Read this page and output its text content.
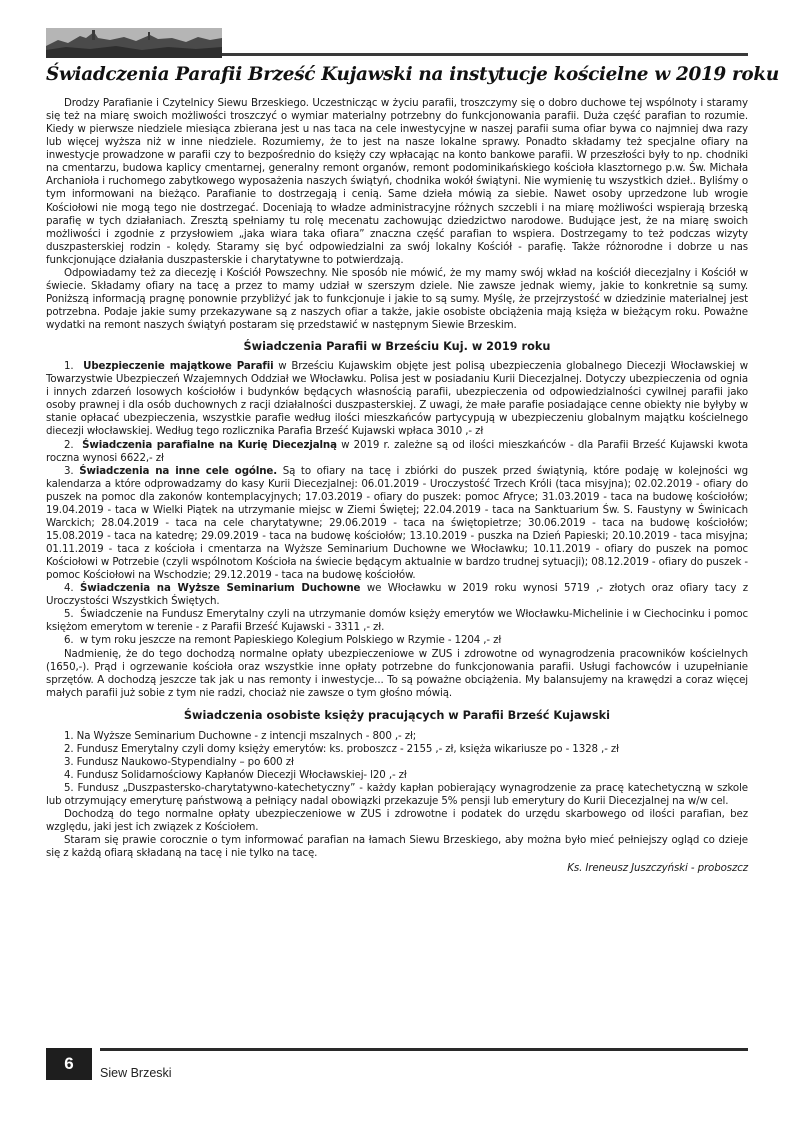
Świadczenia Parafii Brześć Kujawski na instytucje kościelne w 2019 roku

Drodzy Parafianie i Czytelnicy Siewu Brzeskiego. Uczestnicząc w życiu parafii, troszczymy się o dobro duchowe tej wspólnoty i staramy się też na miarę swoich możliwości troszczyć o wymiar materialny potrzebny do funkcjonowania parafii. Duża część parafian to rozumie. Kiedy w pierwsze niedziele miesiąca zbierana jest u nas taca na cele inwestycyjne w naszej parafii suma ofiar bywa co najmniej dwa razy lub więcej wyższa niż w inne niedziele. Rozumiemy, że to jest na nasze lokalne sprawy. Ponadto składamy też specjalne ofiary na inwestycje prowadzone w parafii czy to bezpośrednio do księży czy wpłacając na konto bankowe parafii. W przeszłości były to np. chodniki na cmentarzu, budowa kaplicy cmentarnej, generalny remont organów, remont podominikańskiego kościoła klasztornego p.w. Św. Michała Archanioła i ruchomego zabytkowego wyposażenia naszych świątyń, chodnika wokół świątyni. Nie wymienię tu wszystkich dzieł.. Byliśmy o tym informowani na bieżąco. Parafianie to dostrzegają i cenią. Same dzieła mówią za siebie. Nawet osoby uprzedzone lub wrogie Kościołowi nie mogą tego nie dostrzegać. Doceniają to władze administracyjne różnych szczebli i na miarę możliwości wspierają brzeską parafię w tych działaniach. Zresztą spełniamy tu rolę mecenatu zachowując dziedzictwo narodowe. Budujące jest, że na miarę swoich możliwości i zgodnie z przysłowiem „jaka wiara taka ofiara” znaczna część parafian to wspiera. Dostrzegamy to też podczas wizyty duszpasterskiej rodzin - kolędy. Staramy się być odpowiedzialni za swój lokalny Kościół - parafię. Także różnorodne i dobrze u nas funkcjonujące działania duszpasterskie i charytatywne to potwierdzają.

Odpowiadamy też za diecezję i Kościół Powszechny. Nie sposób nie mówić, że my mamy swój wkład na kościół diecezjalny i Kościół w świecie. Składamy ofiary na tacę a przez to mamy udział w szerszym dziele. Nie zawsze jednak wiemy, jakie to konkretnie są sumy. Poniższą informacją pragnę ponownie przybliżyć jak to funkcjonuje i jakie to są sumy. Myślę, że przejrzystość w dziedzinie materialnej jest potrzebna. Podaje jakie sumy przekazywane są z naszych ofiar a także, jakie osobiste obciążenia mają księża w bieżącym roku. Poważne wydatki na remont naszych świątyń postaram się przedstawić w następnym Siewie Brzeskim.

Świadczenia Parafii w Brześciu Kuj. w 2019 roku

1. Ubezpieczenie majątkowe Parafii w Brześciu Kujawskim objęte jest polisą ubezpieczenia globalnego Diecezji Włocławskiej w Towarzystwie Ubezpieczeń Wzajemnych Oddział we Włocławku. Polisa jest w posiadaniu Kurii Diecezjalnej. Dotyczy ubezpieczenia od ognia i innych zdarzeń losowych kościołów i budynków będących własnością parafii, ubezpieczenia od odpowiedzialności cywilnej parafii jako osoby prawnej i dla osób duchownych z racji działalności duszpasterskiej. Z uwagi, że małe parafie posiadające cenne obiekty nie byłyby w stanie opłacać ubezpieczenia, wszystkie parafie według ilości mieszkańców partycypują w ubezpieczeniu globalnym majątku kościelnego diecezji włocławskiej. Według tego rozlicznika Parafia Brześć Kujawski wpłaca 3010 ,- zł

2. Świadczenia parafialne na Kurię Diecezjalną w 2019 r. zależne są od ilości mieszkańców - dla Parafii Brześć Kujawski kwota roczna wynosi 6622,- zł

3. Świadczenia na inne cele ogólne. Są to ofiary na tacę i zbiórki do puszek przed świątynią, które podaję w kolejności wg kalendarza a które odprowadzamy do kasy Kurii Diecezjalnej: 06.01.2019 - Uroczystość Trzech Króli (taca misyjna); 02.02.2019 - ofiary do puszek na pomoc dla zakonów kontemplacyjnych; 17.03.2019 - ofiary do puszek: pomoc Afryce; 31.03.2019 - taca na budowę kościołów; 19.04.2019 - taca w Wielki Piątek na utrzymanie miejsc w Ziemi Świętej; 22.04.2019 - taca na Sanktuarium Św. S. Faustyny w Świnicach Warckich; 28.04.2019 - taca na cele charytatywne; 29.06.2019 - taca na świętopietrze; 30.06.2019 - taca na budowę kościołów; 15.08.2019 - taca na katedrę; 29.09.2019 - taca na budowę kościołów; 13.10.2019 - puszka na Dzień Papieski; 20.10.2019 - taca misyjna; 01.11.2019 - taca z kościoła i cmentarza na Wyższe Seminarium Duchowne we Włocławku; 10.11.2019 - ofiary do puszek na pomoc Kościołowi w Potrzebie (czyli wspólnotom Kościoła na świecie będącym aktualnie w bardzo trudnej sytuacji); 08.12.2019 - ofiary do puszek - pomoc Kościołowi na Wschodzie; 29.12.2019 - taca na budowę kościołów.

4. Świadczenia na Wyższe Seminarium Duchowne we Włocławku w 2019 roku wynosi 5719 ,- złotych oraz ofiary tacy z Uroczystości Wszystkich Świętych.

5. Świadczenie na Fundusz Emerytalny czyli na utrzymanie domów księży emerytów we Włocławku-Michelinie i w Ciechocinku i pomoc księżom emerytom w terenie - z Parafii Brześć Kujawski - 3311 ,- zł.

6. w tym roku jeszcze na remont Papieskiego Kolegium Polskiego w Rzymie - 1204 ,- zł

Nadmienię, że do tego dochodzą normalne opłaty ubezpieczeniowe w ZUS i zdrowotne od wynagrodzenia pracowników kościelnych (1650,-). Prąd i ogrzewanie kościoła oraz wszystkie inne opłaty potrzebne do funkcjonowania parafii. Usługi fachowców i uzupełnianie sprzętów. A dochodzą jeszcze tak jak u nas remonty i inwestycje... To są poważne obciążenia. My balansujemy na krawędzi a coraz więcej małych parafii już sobie z tym nie radzi, chociaż nie zawsze o tym głośno mówią.

Świadczenia osobiste księży pracujących w Parafii Brześć Kujawski

1. Na Wyższe Seminarium Duchowne - z intencji mszalnych - 800 ,- zł;

2. Fundusz Emerytalny czyli domy księży emerytów: ks. proboszcz - 2155 ,- zł, księża wikariusze po - 1328 ,- zł

3. Fundusz Naukowo-Stypendialny – po 600 zł

4. Fundusz Solidarnościowy Kapłanów Diecezji Włocławskiej- l20 ,- zł

5. Fundusz „Duszpastersko-charytatywno-katechetyczny” - każdy kapłan pobierający wynagrodzenie za pracę katechetyczną w szkole lub otrzymujący emeryturę państwową a pełniący nadal obowiązki przekazuje 5% pensji lub emerytury do Kurii Diecezjalnej na w/w cel.

Dochodzą do tego normalne opłaty ubezpieczeniowe w ZUS i zdrowotne i podatek do urzędu skarbowego od ilości parafian, bez względu, jaki jest ich związek z Kościołem.

Staram się prawie corocznie o tym informować parafian na łamach Siewu Brzeskiego, aby można było mieć pełniejszy ogląd co dzieje się z każdą ofiarą składaną na tacę i nie tylko na tacę.

Ks. Ireneusz Juszczyński - proboszcz
6	Siew Brzeski
